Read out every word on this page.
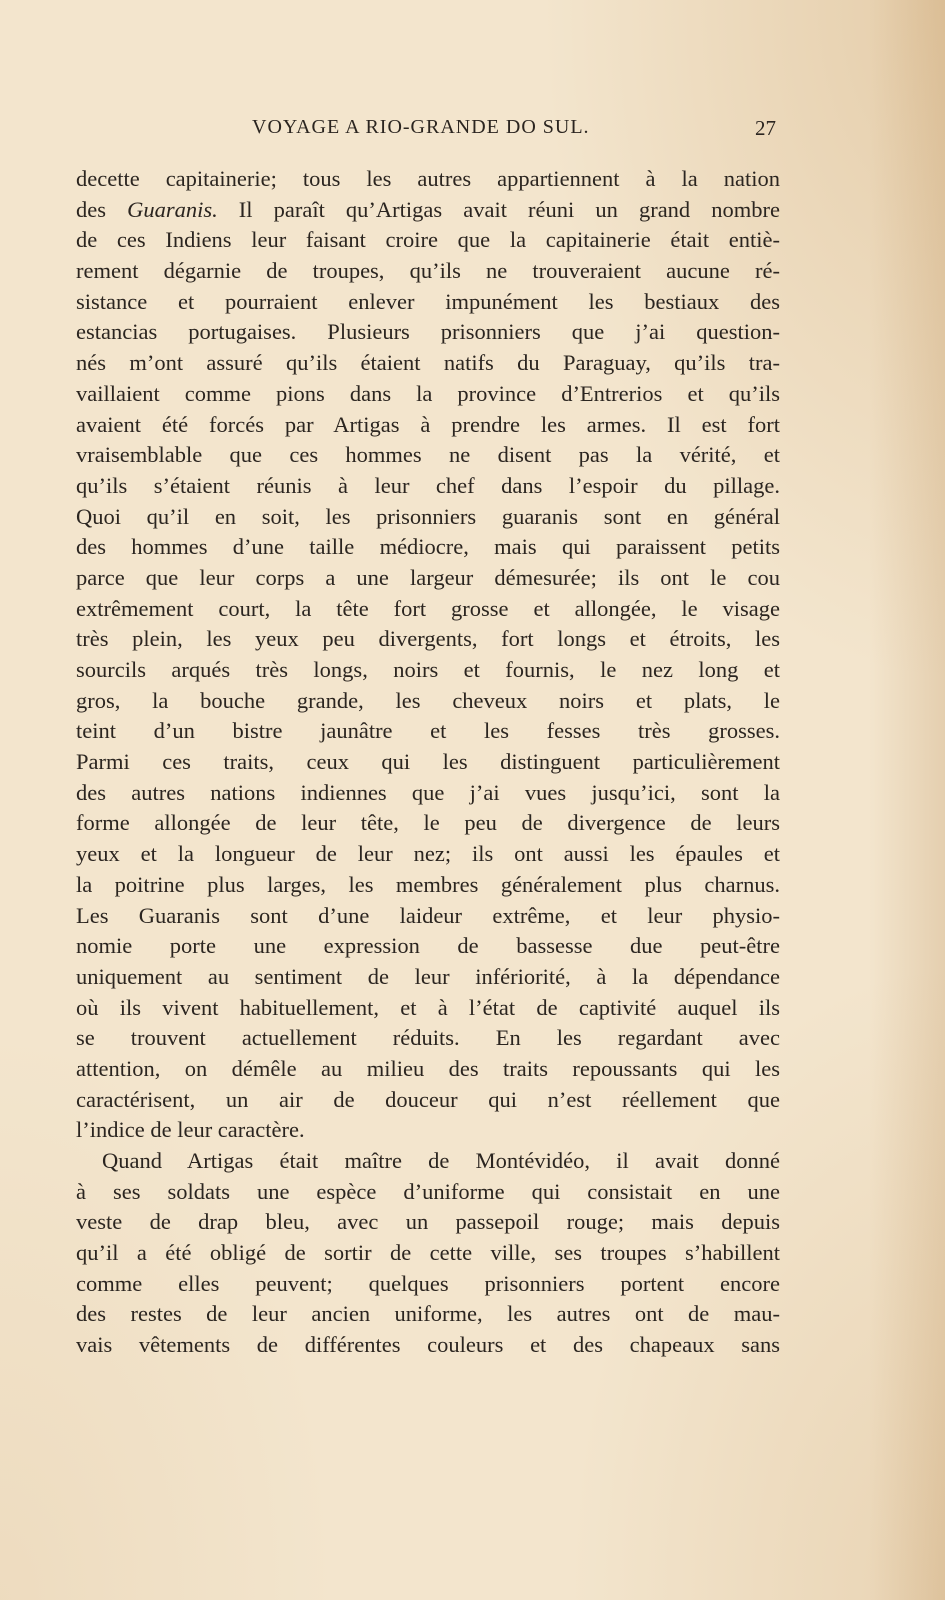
VOYAGE A RIO-GRANDE DO SUL.	27
decette capitainerie; tous les autres appartiennent à la nation
des Guaranis. Il paraît qu’Artigas avait réuni un grand nombre
de ces Indiens leur faisant croire que la capitainerie était entiè-
rement dégarnie de troupes, qu’ils ne trouveraient aucune ré-
sistance et pourraient enlever impunément les bestiaux des
estancias portugaises. Plusieurs prisonniers que j’ai question-
nés m’ont assuré qu’ils étaient natifs du Paraguay, qu’ils tra-
vaillaient comme pions dans la province d’Entrerios et qu’ils
avaient été forcés par Artigas à prendre les armes. Il est fort
vraisemblable que ces hommes ne disent pas la vérité, et
qu’ils s’étaient réunis à leur chef dans l’espoir du pillage.
Quoi qu’il en soit, les prisonniers guaranis sont en général
des hommes d’une taille médiocre, mais qui paraissent petits
parce que leur corps a une largeur démesurée; ils ont le cou
extrêmement court, la tête fort grosse et allongée, le visage
très plein, les yeux peu divergents, fort longs et étroits, les
sourcils arqués très longs, noirs et fournis, le nez long et
gros, la bouche grande, les cheveux noirs et plats, le
teint d’un bistre jaunâtre et les fesses très grosses.
Parmi ces traits, ceux qui les distinguent particulièrement
des autres nations indiennes que j’ai vues jusqu’ici, sont la
forme allongée de leur tête, le peu de divergence de leurs
yeux et la longueur de leur nez; ils ont aussi les épaules et
la poitrine plus larges, les membres généralement plus charnus.
Les Guaranis sont d’une laideur extrême, et leur physio-
nomie porte une expression de bassesse due peut-être
uniquement au sentiment de leur infériorité, à la dépendance
où ils vivent habituellement, et à l’état de captivité auquel ils
se trouvent actuellement réduits. En les regardant avec
attention, on démêle au milieu des traits repoussants qui les
caractérisent, un air de douceur qui n’est réellement que
l’indice de leur caractère.
Quand Artigas était maître de Montévidéo, il avait donné
à ses soldats une espèce d’uniforme qui consistait en une
veste de drap bleu, avec un passepoil rouge; mais depuis
qu’il a été obligé de sortir de cette ville, ses troupes s’habillent
comme elles peuvent; quelques prisonniers portent encore
des restes de leur ancien uniforme, les autres ont de mau-
vais vêtements de différentes couleurs et des chapeaux sans
